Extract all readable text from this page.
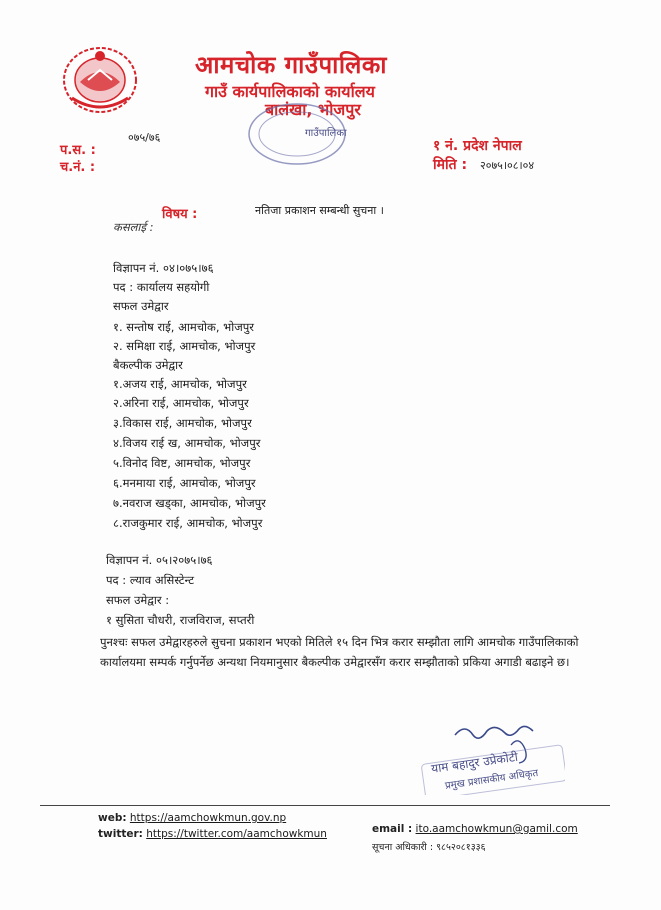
आमचोक गाउँपालिका
गाउँ कार्यपालिकाको कार्यालय
बालंखा, भोजपुर
गाउँपालिका
प.स. :
०७५/७६
च.नं. :
१ नं. प्रदेश नेपाल
मिति : २०७५।०८।०४
विषय :	नतिजा प्रकाशन सम्बन्धी सुचना ।
कसलाई :
विज्ञापन नं. ०४।०७५।७६
पद : कार्यालय सहयोगी
सफल उमेद्वार
१. सन्तोष राई, आमचोक, भोजपुर
२. समिक्षा राई, आमचोक, भोजपुर
बैकल्पीक उमेद्वार
१.अजय राई, आमचोक, भोजपुर
२.अरिना राई, आमचोक, भोजपुर
३.विकास राई, आमचोक, भोजपुर
४.विजय राई ख, आमचोक, भोजपुर
५.विनोद विष्ट, आमचोक, भोजपुर
६.मनमाया राई, आमचोक, भोजपुर
७.नवराज खड्का, आमचोक, भोजपुर
८.राजकुमार राई, आमचोक, भोजपुर
विज्ञापन नं. ०५।२०७५।७६
पद : ल्याव असिस्टेन्ट
सफल उमेद्वार :
१ सुसिता चौधरी, राजविराज, सप्तरी
पुनश्चः सफल उमेद्वारहरुले सुचना प्रकाशन भएको मितिले १५ दिन भित्र करार सम्झौता लागि आमचोक गाउँपालिकाको कार्यालयमा सम्पर्क गर्नुपर्नेछ अन्यथा नियमानुसार बैकल्पीक उमेद्वारसँग करार सम्झौताको प्रकिया अगाडी बढाइने छ।
याम बहादुर उप्रेकोटी
प्रमुख प्रशासकीय अधिकृत
web: https://aamchowkmun.gov.np
twitter: https://twitter.com/aamchowkmun	email : ito.aamchowkmun@gamil.com
सूचना अधिकारी : ९८५२०८१३३६
